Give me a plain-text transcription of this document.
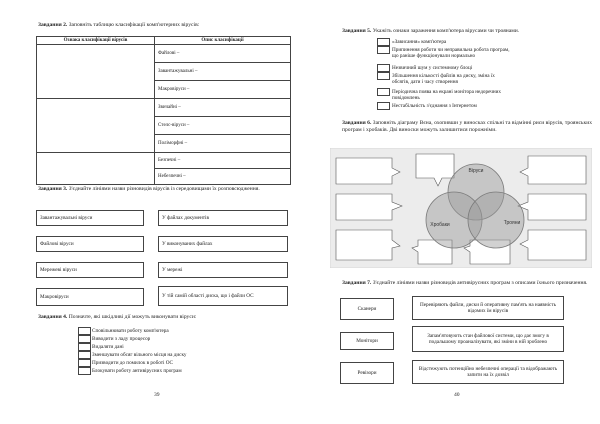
Завдання 2. Заповніть таблицю класифікації комп'ютерних вірусів:
Ознака класифікації вірусів	Опис класифікації
	Файлові –
	Завантажувальні –
	Макровіруси –
	Звичайні –
	Стелс-віруси –
	Поліморфні –
	Безпечні –
	Небезпечні –
Завдання 3. З'єднайте лініями назви різновидів вірусів із середовищами їх розповсюдження.
Завантажувальні віруси
Файлові віруси
Мережеві віруси
Макровіруси
У файлах документів
У виконуваних файлах
У мережі
У тій самій області диска, що і файли ОС
Завдання 4. Позначте, які шкідливі дії можуть виконувати віруси:
Сповільнювати роботу комп'ютера
Виводити з ладу процесор
Видаляти дані
Зменшувати обсяг вільного місця на диску
Призводити до помилок в роботі ОС
Блокувати роботу антивірусних програм
39
Завдання 5. Укажіть ознаки зараження комп'ютера вірусами чи троянами.
«Зависання» комп'ютера
Припинення роботи чи неправильна робота програм, що раніше функціонували нормально
Незвичний шум у системному блоці
Збільшення кількості файлів на диску, зміна їх обсягів, дати і часу створення
Періодична поява на екрані монітора недоречних повідомлень
Нестабільність з'єднання з Інтернетом
Завдання 6. Заповніть діаграму Вєна, охопивши у виносках спільні та відмінні риси вірусів, троянських програм і хробаків. Дві виноски можуть залишитися порожніми.
Віруси
Хробаки	Трояни
Завдання 7. З'єднайте лініями назви різновидів антивірусних програм з описами їхнього призначення.
Сканери
Монітори
Ревізори
Перевіряють файли, диски й оперативну пам'ять на наявність відомих їм вірусів
Запам'ятовують стан файлової системи, що дає змогу в подальшому проаналізувати, які зміни в ній зроблено
Відстежують потенційно небезпечні операції та відображають запити на їх дозвіл
40
